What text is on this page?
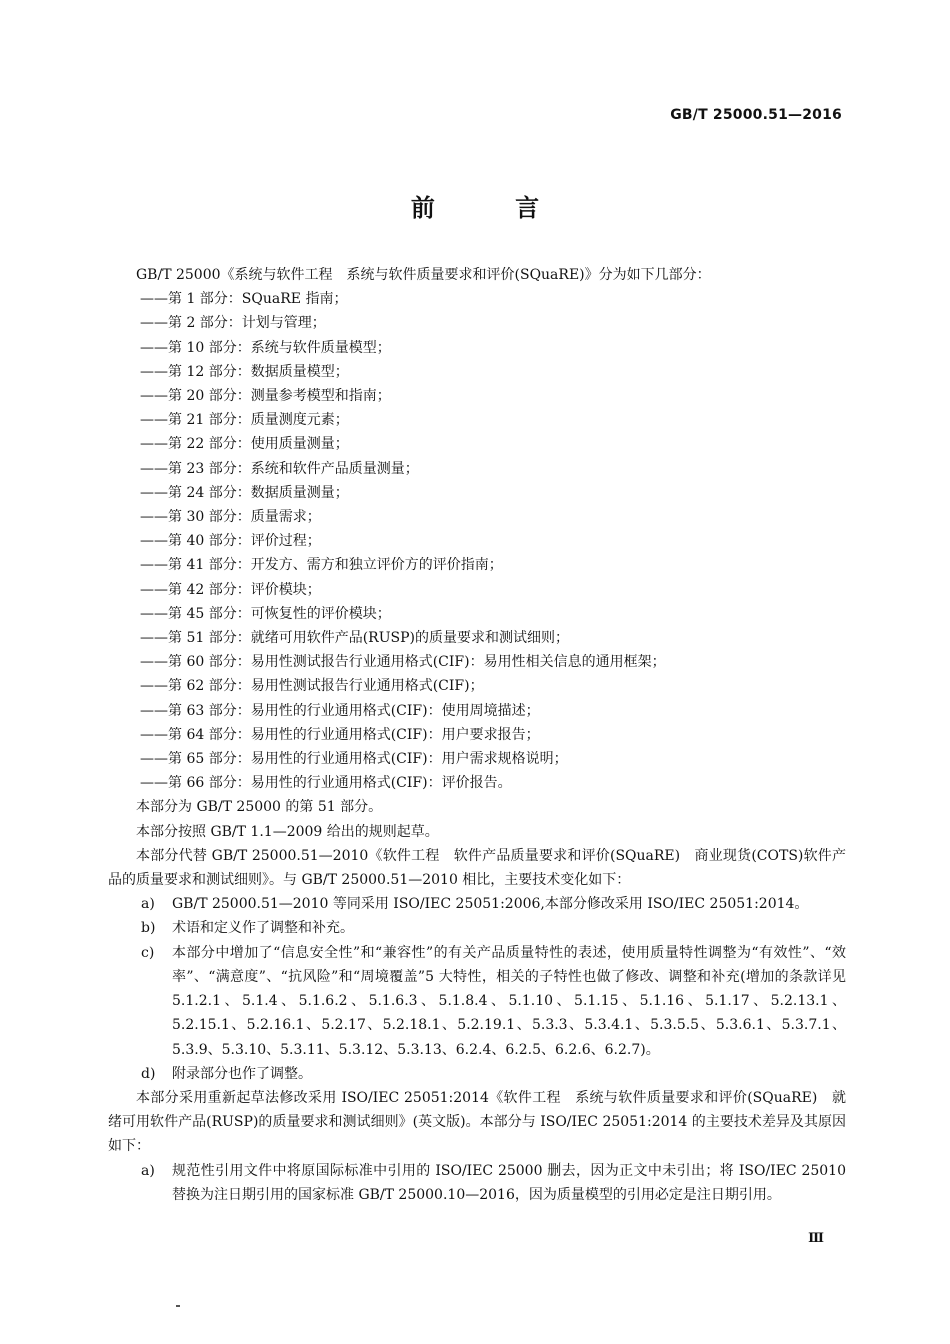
GB/T 25000.51—2016
前 言

GB/T 25000《系统与软件工程　系统与软件质量要求和评价(SQuaRE)》分为如下几部分：

——第 1 部分：SQuaRE 指南；

——第 2 部分：计划与管理；

——第 10 部分：系统与软件质量模型；

——第 12 部分：数据质量模型；

——第 20 部分：测量参考模型和指南；

——第 21 部分：质量测度元素；

——第 22 部分：使用质量测量；

——第 23 部分：系统和软件产品质量测量；

——第 24 部分：数据质量测量；

——第 30 部分：质量需求；

——第 40 部分：评价过程；

——第 41 部分：开发方、需方和独立评价方的评价指南；

——第 42 部分：评价模块；

——第 45 部分：可恢复性的评价模块；

——第 51 部分：就绪可用软件产品(RUSP)的质量要求和测试细则；

——第 60 部分：易用性测试报告行业通用格式(CIF)：易用性相关信息的通用框架；

——第 62 部分：易用性测试报告行业通用格式(CIF)；

——第 63 部分：易用性的行业通用格式(CIF)：使用周境描述；

——第 64 部分：易用性的行业通用格式(CIF)：用户要求报告；

——第 65 部分：易用性的行业通用格式(CIF)：用户需求规格说明；

——第 66 部分：易用性的行业通用格式(CIF)：评价报告。

本部分为 GB/T 25000 的第 51 部分。

本部分按照 GB/T 1.1—2009 给出的规则起草。

本部分代替 GB/T 25000.51—2010《软件工程　软件产品质量要求和评价(SQuaRE)　商业现货(COTS)软件产品的质量要求和测试细则》。与 GB/T 25000.51—2010 相比，主要技术变化如下：

a) GB/T 25000.51—2010 等同采用 ISO/IEC 25051:2006,本部分修改采用 ISO/IEC 25051:2014。
b) 术语和定义作了调整和补充。
c) 本部分中增加了“信息安全性”和“兼容性”的有关产品质量特性的表述，使用质量特性调整为“有效性”、“效率”、“满意度”、“抗风险”和“周境覆盖”5 大特性，相关的子特性也做了修改、调整和补充(增加的条款详见 5.1.2.1、5.1.4、5.1.6.2、5.1.6.3、5.1.8.4、5.1.10、5.1.15、5.1.16、5.1.17、5.2.13.1、5.2.15.1、5.2.16.1、5.2.17、5.2.18.1、5.2.19.1、5.3.3、5.3.4.1、5.3.5.5、5.3.6.1、5.3.7.1、5.3.9、5.3.10、5.3.11、5.3.12、5.3.13、6.2.4、6.2.5、6.2.6、6.2.7)。
d) 附录部分也作了调整。

本部分采用重新起草法修改采用 ISO/IEC 25051:2014《软件工程　系统与软件质量要求和评价(SQuaRE)　就绪可用软件产品(RUSP)的质量要求和测试细则》(英文版)。本部分与 ISO/IEC 25051:2014 的主要技术差异及其原因如下：

a) 规范性引用文件中将原国际标准中引用的 ISO/IEC 25000 删去，因为正文中未引出；将 ISO/IEC 25010 替换为注日期引用的国家标准 GB/T 25000.10—2016，因为质量模型的引用必定是注日期引用。
Ⅲ
